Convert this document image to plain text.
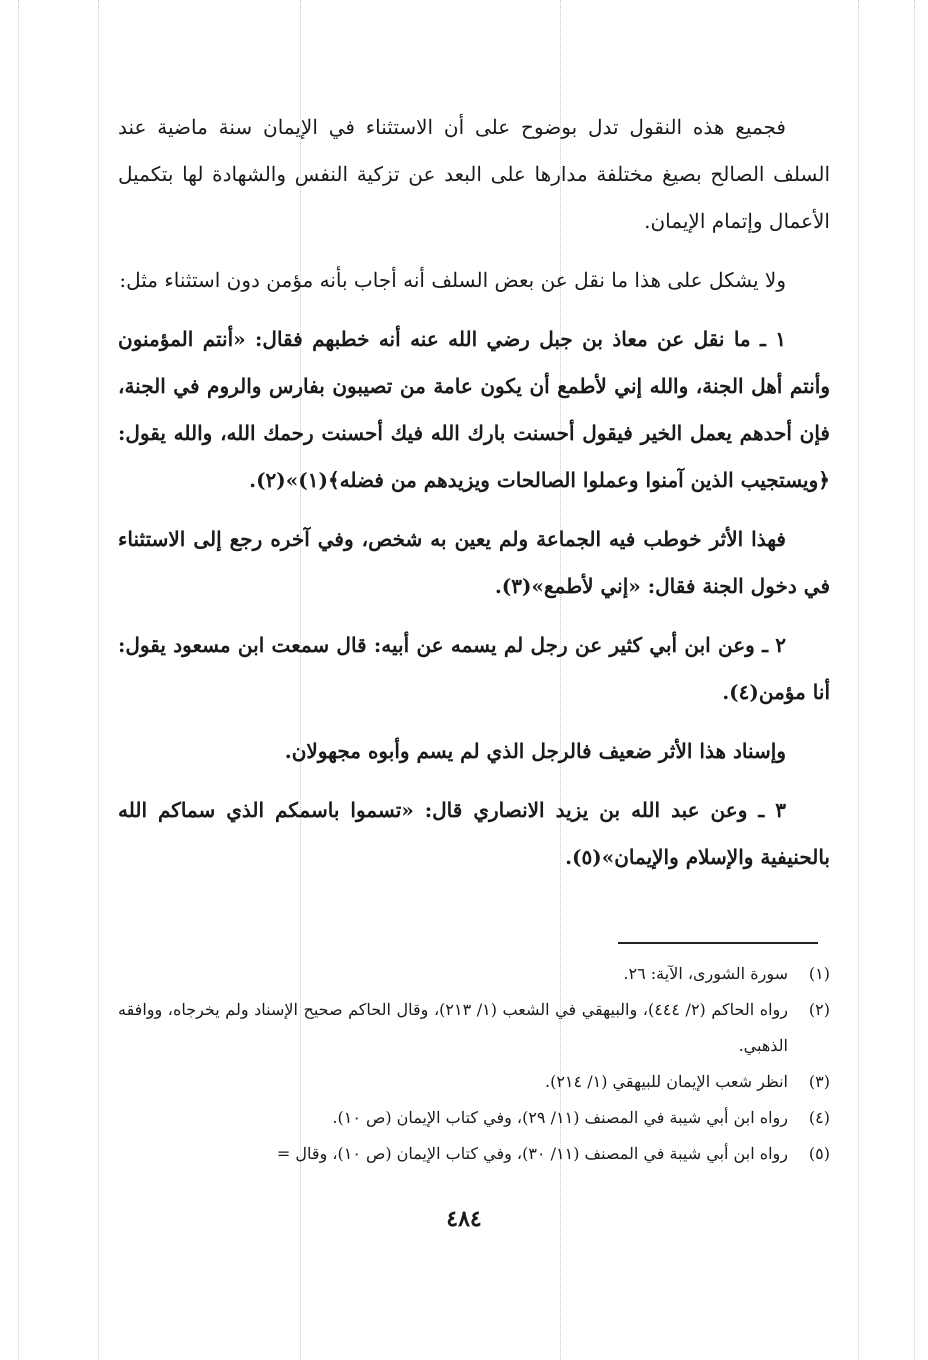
فجميع هذه النقول تدل بوضوح على أن الاستثناء في الإيمان سنة ماضية عند السلف الصالح بصيغ مختلفة مدارها على البعد عن تزكية النفس والشهادة لها بتكميل الأعمال وإتمام الإيمان.

ولا يشكل على هذا ما نقل عن بعض السلف أنه أجاب بأنه مؤمن دون استثناء مثل:

١ ـ ما نقل عن معاذ بن جبل رضي الله عنه أنه خطبهم فقال: «أنتم المؤمنون وأنتم أهل الجنة، والله إني لأطمع أن يكون عامة من تصيبون بفارس والروم في الجنة، فإن أحدهم يعمل الخير فيقول أحسنت بارك الله فيك أحسنت رحمك الله، والله يقول: ﴿ويستجيب الذين آمنوا وعملوا الصالحات ويزيدهم من فضله﴾(١)»(٢).

فهذا الأثر خوطب فيه الجماعة ولم يعين به شخص، وفي آخره رجع إلى الاستثناء في دخول الجنة فقال: «إني لأطمع»(٣).

٢ ـ وعن ابن أبي كثير عن رجل لم يسمه عن أبيه: قال سمعت ابن مسعود يقول: أنا مؤمن(٤).

وإسناد هذا الأثر ضعيف فالرجل الذي لم يسم وأبوه مجهولان.

٣ ـ وعن عبد الله بن يزيد الانصاري قال: «تسموا باسمكم الذي سماكم الله بالحنيفية والإسلام والإيمان»(٥).

(١)
سورة الشورى، الآية: ٢٦.
(٢)
رواه الحاكم (٢/ ٤٤٤)، والبيهقي في الشعب (١/ ٢١٣)، وقال الحاكم صحيح الإسناد ولم يخرجاه، ووافقه الذهبي.
(٣)
انظر شعب الإيمان للبيهقي (١/ ٢١٤).
(٤)
رواه ابن أبي شيبة في المصنف (١١/ ٢٩)، وفي كتاب الإيمان (ص ١٠).
(٥)
رواه ابن أبي شيبة في المصنف (١١/ ٣٠)، وفي كتاب الإيمان (ص ١٠)، وقال =
٤٨٤
